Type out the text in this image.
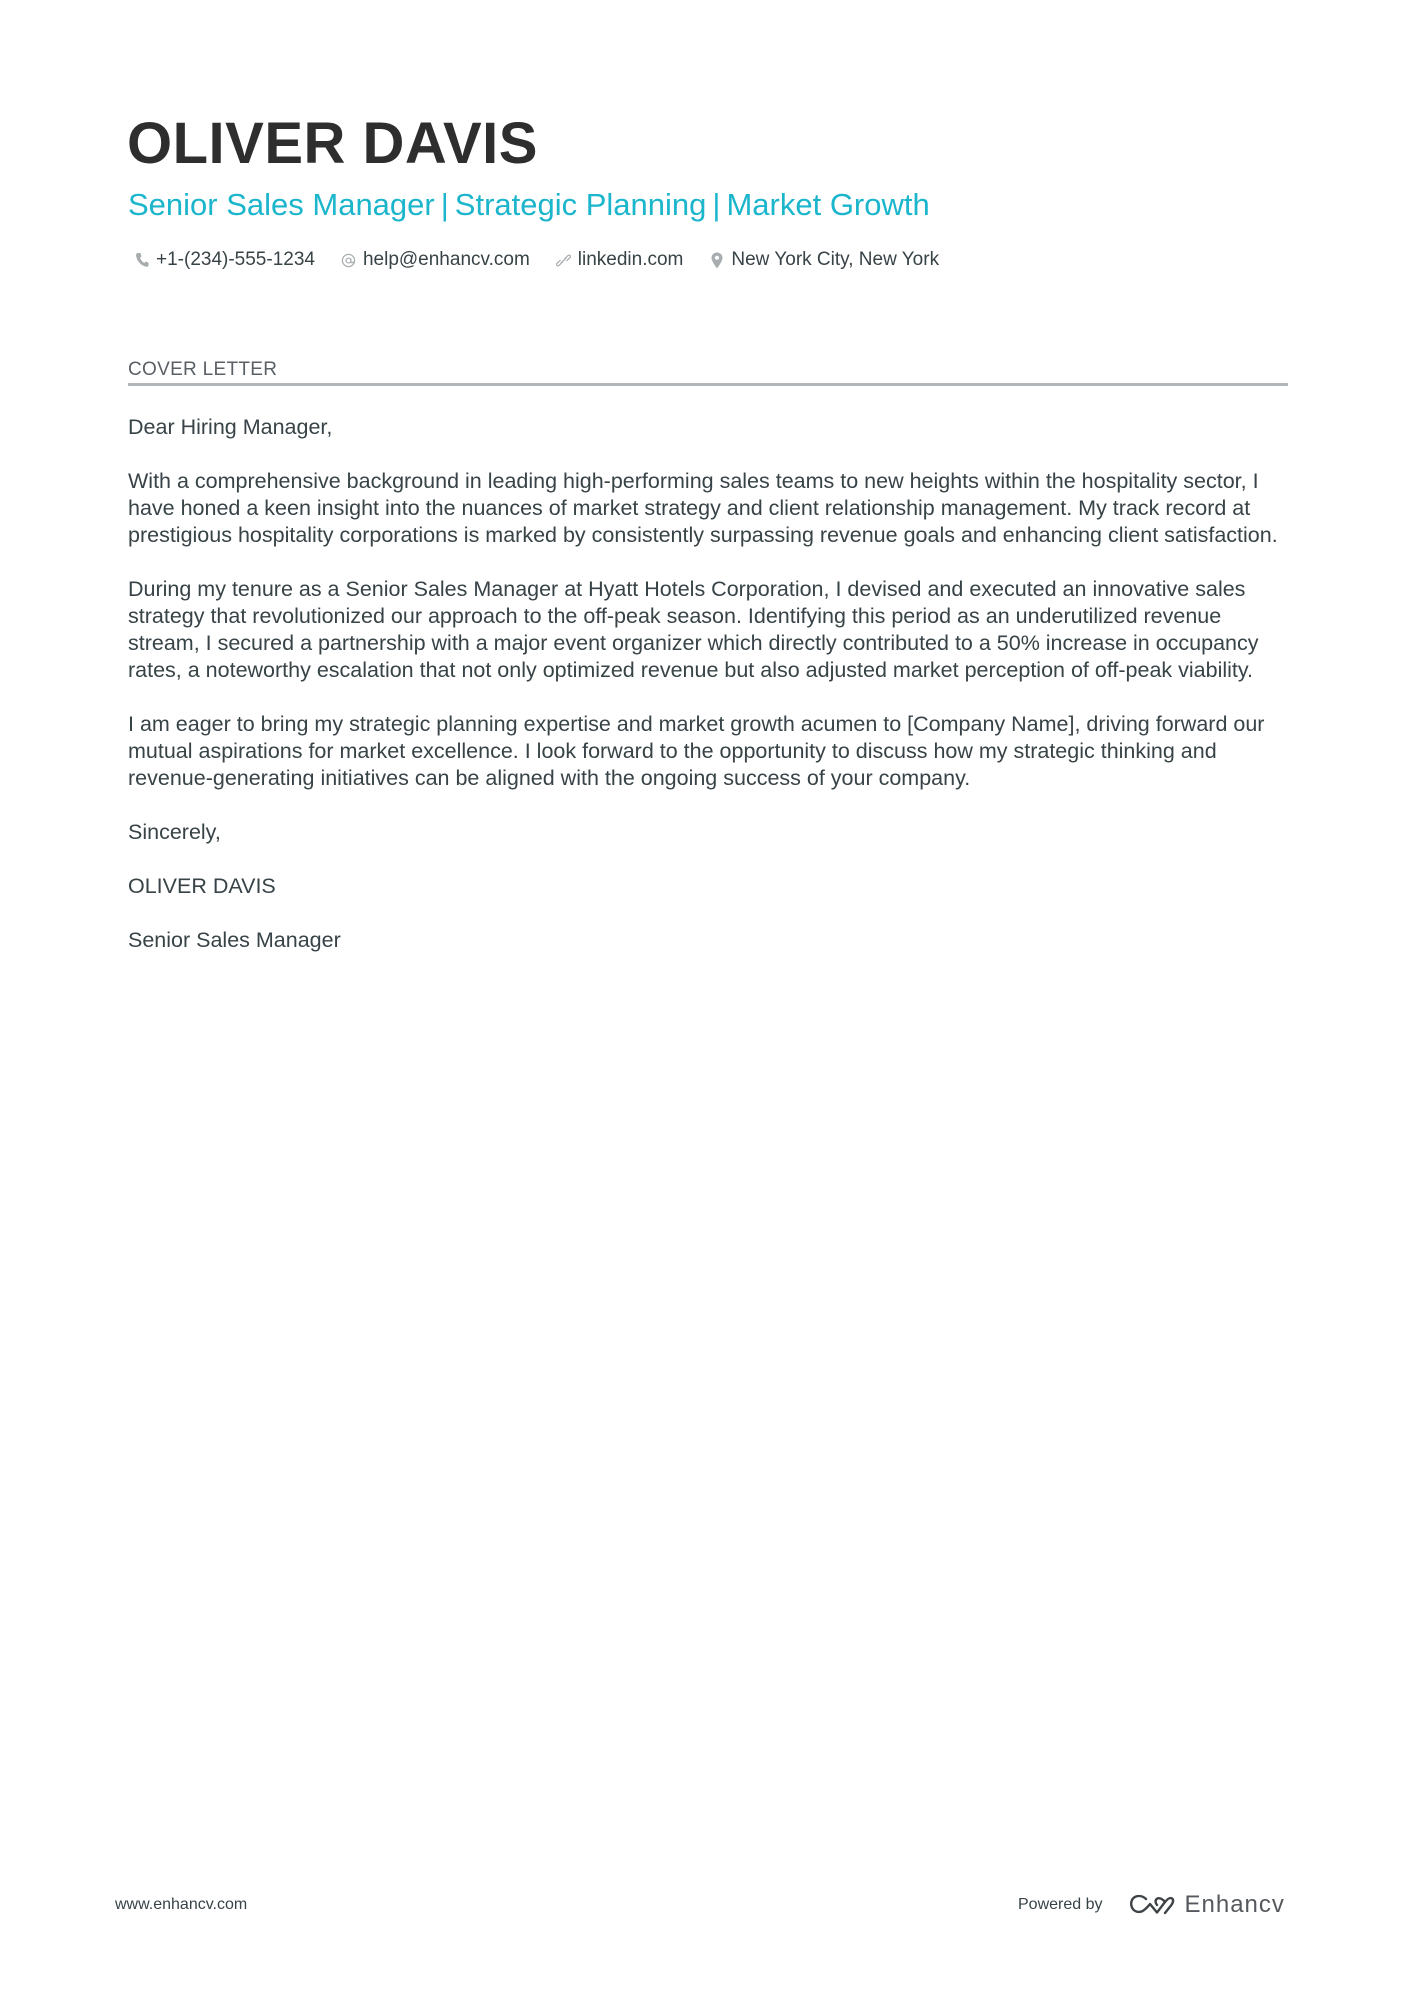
OLIVER DAVIS
Senior Sales Manager | Strategic Planning | Market Growth
+1-(234)-555-1234	help@enhancv.com	linkedin.com	New York City, New York
COVER LETTER

Dear Hiring Manager,

With a comprehensive background in leading high-performing sales teams to new heights within the hospitality sector, I have honed a keen insight into the nuances of market strategy and client relationship management. My track record at prestigious hospitality corporations is marked by consistently surpassing revenue goals and enhancing client satisfaction.

During my tenure as a Senior Sales Manager at Hyatt Hotels Corporation, I devised and executed an innovative sales strategy that revolutionized our approach to the off-peak season. Identifying this period as an underutilized revenue stream, I secured a partnership with a major event organizer which directly contributed to a 50% increase in occupancy rates, a noteworthy escalation that not only optimized revenue but also adjusted market perception of off-peak viability.

I am eager to bring my strategic planning expertise and market growth acumen to [Company Name], driving forward our mutual aspirations for market excellence. I look forward to the opportunity to discuss how my strategic thinking and revenue-generating initiatives can be aligned with the ongoing success of your company.

Sincerely,

OLIVER DAVIS

Senior Sales Manager

www.enhancv.com	Powered by	Enhancv
